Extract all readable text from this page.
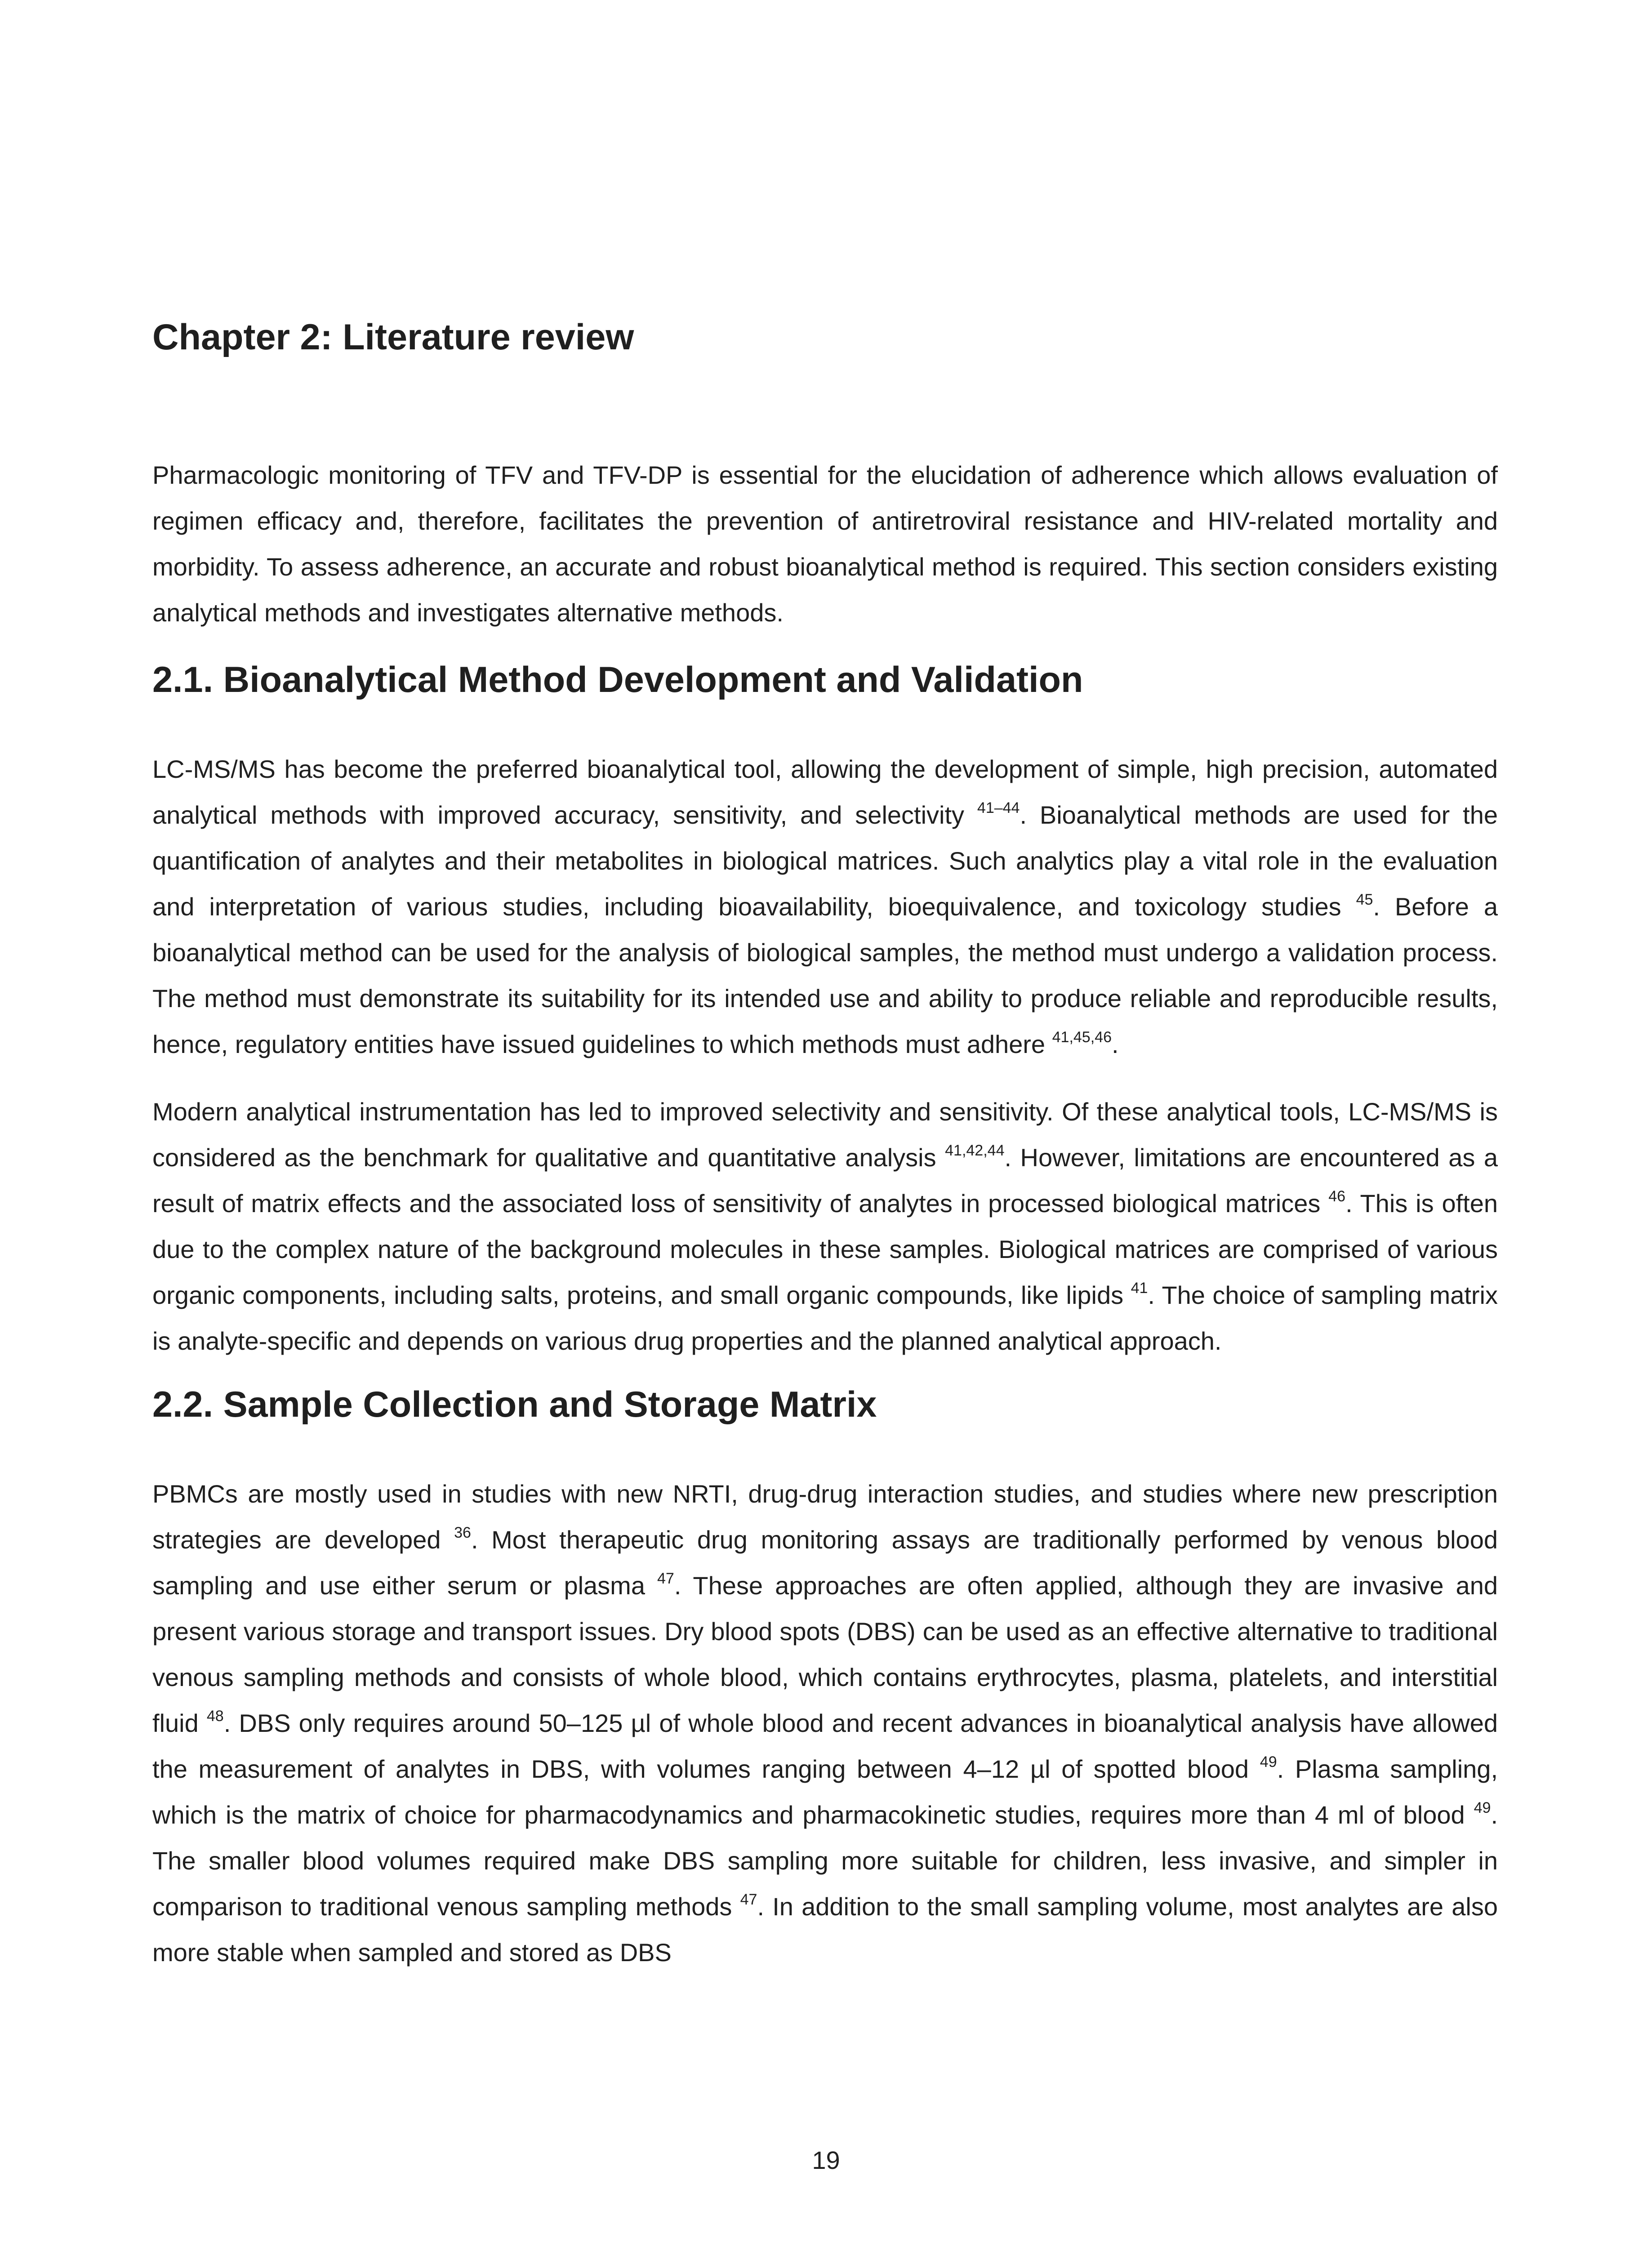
Chapter 2: Literature review

Pharmacologic monitoring of TFV and TFV-DP is essential for the elucidation of adherence which allows evaluation of regimen efficacy and, therefore, facilitates the prevention of antiretroviral resistance and HIV-related mortality and morbidity. To assess adherence, an accurate and robust bioanalytical method is required. This section considers existing analytical methods and investigates alternative methods.

2.1. Bioanalytical Method Development and Validation

LC-MS/MS has become the preferred bioanalytical tool, allowing the development of simple, high precision, automated analytical methods with improved accuracy, sensitivity, and selectivity $^{41-44}$. Bioanalytical methods are used for the quantification of analytes and their metabolites in biological matrices. Such analytics play a vital role in the evaluation and interpretation of various studies, including bioavailability, bioequivalence, and toxicology studies $^{45}$. Before a bioanalytical method can be used for the analysis of biological samples, the method must undergo a validation process. The method must demonstrate its suitability for its intended use and ability to produce reliable and reproducible results, hence, regulatory entities have issued guidelines to which methods must adhere $^{41,45,46}$.

Modern analytical instrumentation has led to improved selectivity and sensitivity. Of these analytical tools, LC-MS/MS is considered as the benchmark for qualitative and quantitative analysis $^{41,42,44}$. However, limitations are encountered as a result of matrix effects and the associated loss of sensitivity of analytes in processed biological matrices $^{46}$. This is often due to the complex nature of the background molecules in these samples. Biological matrices are comprised of various organic components, including salts, proteins, and small organic compounds, like lipids $^{41}$. The choice of sampling matrix is analyte-specific and depends on various drug properties and the planned analytical approach.

2.2. Sample Collection and Storage Matrix

PBMCs are mostly used in studies with new NRTI, drug-drug interaction studies, and studies where new prescription strategies are developed $^{36}$. Most therapeutic drug monitoring assays are traditionally performed by venous blood sampling and use either serum or plasma $^{47}$. These approaches are often applied, although they are invasive and present various storage and transport issues. Dry blood spots (DBS) can be used as an effective alternative to traditional venous sampling methods and consists of whole blood, which contains erythrocytes, plasma, platelets, and interstitial fluid $^{48}$. DBS only requires around 50–125 µl of whole blood and recent advances in bioanalytical analysis have allowed the measurement of analytes in DBS, with volumes ranging between 4–12 µl of spotted blood $^{49}$. Plasma sampling, which is the matrix of choice for pharmacodynamics and pharmacokinetic studies, requires more than 4 ml of blood $^{49}$. The smaller blood volumes required make DBS sampling more suitable for children, less invasive, and simpler in comparison to traditional venous sampling methods $^{47}$. In addition to the small sampling volume, most analytes are also more stable when sampled and stored as DBS

19
